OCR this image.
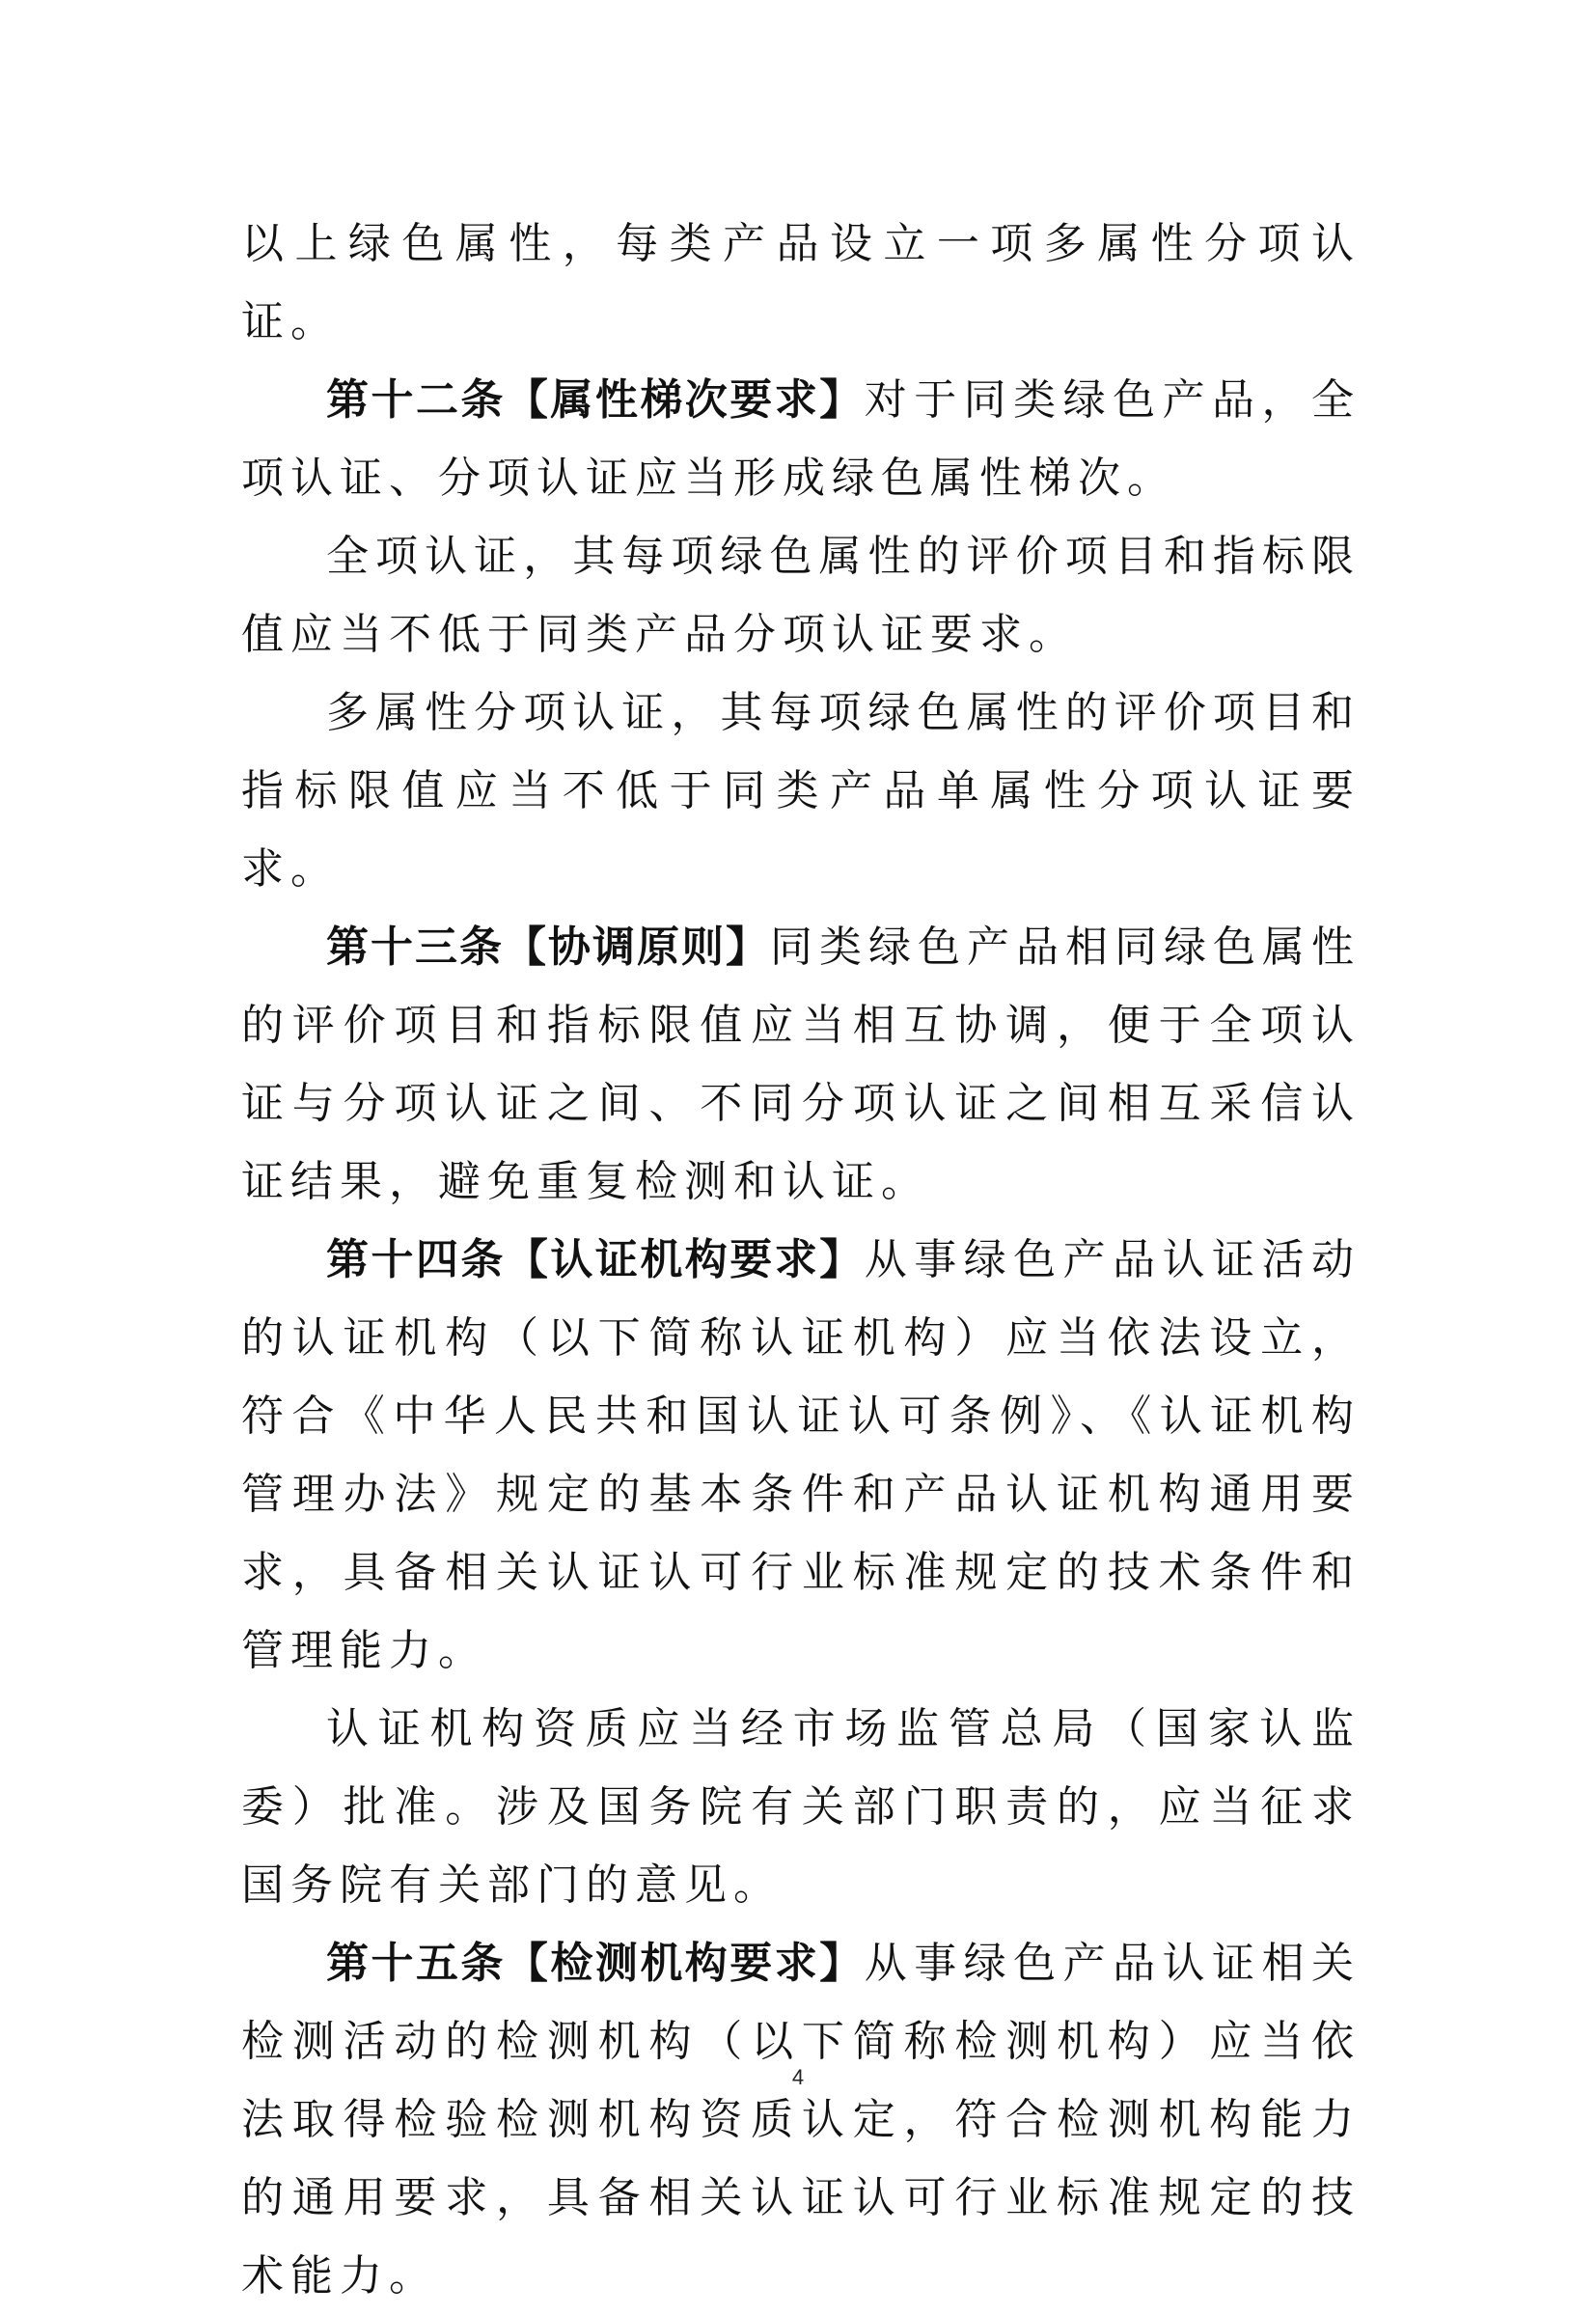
以上绿色属性，每类产品设立一项多属性分项认证。

第十二条【属性梯次要求】对于同类绿色产品，全项认证、分项认证应当形成绿色属性梯次。

全项认证，其每项绿色属性的评价项目和指标限值应当不低于同类产品分项认证要求。

多属性分项认证，其每项绿色属性的评价项目和指标限值应当不低于同类产品单属性分项认证要求。

第十三条【协调原则】同类绿色产品相同绿色属性的评价项目和指标限值应当相互协调，便于全项认证与分项认证之间、不同分项认证之间相互采信认证结果，避免重复检测和认证。

第十四条【认证机构要求】从事绿色产品认证活动的认证机构（以下简称认证机构）应当依法设立，符合《中华人民共和国认证认可条例》、《认证机构管理办法》规定的基本条件和产品认证机构通用要求，具备相关认证认可行业标准规定的技术条件和管理能力。

认证机构资质应当经市场监管总局（国家认监委）批准。涉及国务院有关部门职责的，应当征求国务院有关部门的意见。

第十五条【检测机构要求】从事绿色产品认证相关检测活动的检测机构（以下简称检测机构）应当依法取得检验检测机构资质认定，符合检测机构能力的通用要求，具备相关认证认可行业标准规定的技术能力。

4
